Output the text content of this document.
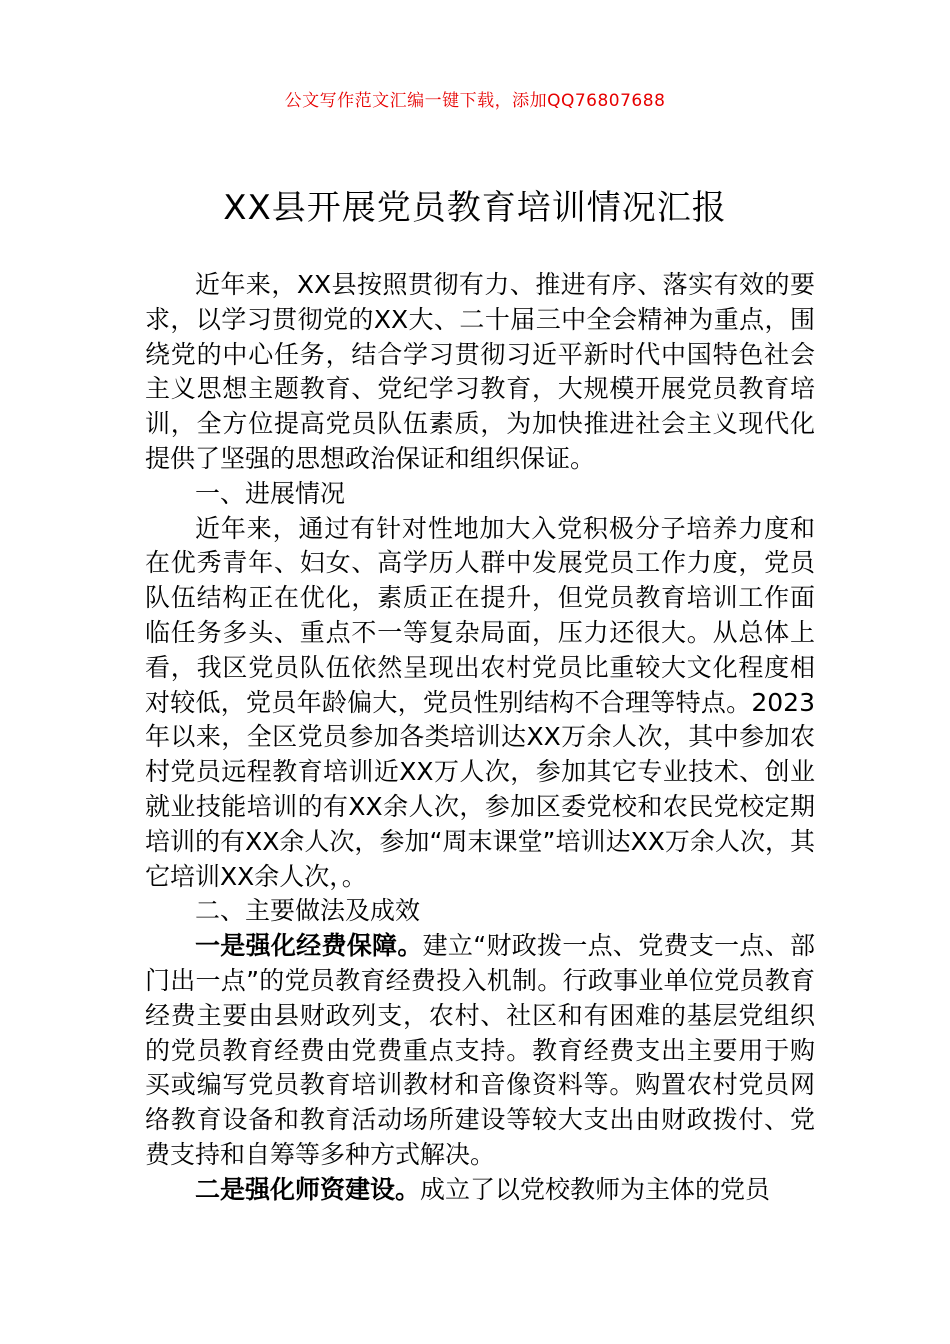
公文写作范文汇编一键下载，添加QQ76807688
XX县开展党员教育培训情况汇报

近年来，XX县按照贯彻有力、推进有序、落实有效的要求，以学习贯彻党的XX大、二十届三中全会精神为重点，围绕党的中心任务，结合学习贯彻习近平新时代中国特色社会主义思想主题教育、党纪学习教育，大规模开展党员教育培训，全方位提高党员队伍素质，为加快推进社会主义现代化提供了坚强的思想政治保证和组织保证。

一、进展情况

近年来，通过有针对性地加大入党积极分子培养力度和在优秀青年、妇女、高学历人群中发展党员工作力度，党员队伍结构正在优化，素质正在提升，但党员教育培训工作面临任务多头、重点不一等复杂局面，压力还很大。从总体上看，我区党员队伍依然呈现出农村党员比重较大文化程度相对较低，党员年龄偏大，党员性别结构不合理等特点。2023年以来，全区党员参加各类培训达XX万余人次，其中参加农村党员远程教育培训近XX万人次，参加其它专业技术、创业就业技能培训的有XX余人次，参加区委党校和农民党校定期培训的有XX余人次，参加“周末课堂”培训达XX万余人次，其它培训XX余人次，。

二、主要做法及成效

一是强化经费保障。建立“财政拨一点、党费支一点、部门出一点”的党员教育经费投入机制。行政事业单位党员教育经费主要由县财政列支，农村、社区和有困难的基层党组织的党员教育经费由党费重点支持。教育经费支出主要用于购买或编写党员教育培训教材和音像资料等。购置农村党员网络教育设备和教育活动场所建设等较大支出由财政拨付、党费支持和自筹等多种方式解决。

二是强化师资建设。成立了以党校教师为主体的党员
